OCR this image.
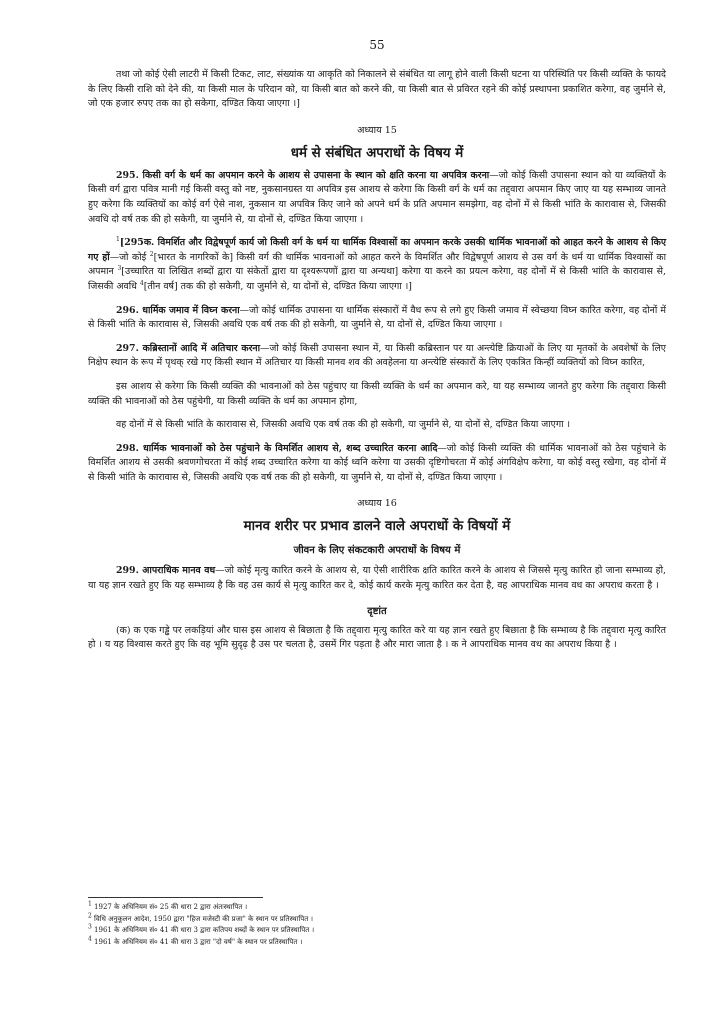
55

तथा जो कोई ऐसी लाटरी में किसी टिकट, लाट, संख्यांक या आकृति को निकालने से संबंधित या लागू होने वाली किसी घटना या परिस्थिति पर किसी व्यक्ति के फायदे के लिए किसी राशि को देने की, या किसी माल के परिदान को, या किसी बात को करने की, या किसी बात से प्रविरत रहने की कोई प्रस्थापना प्रकाशित करेगा, वह जुर्माने से, जो एक हजार रुपए तक का हो सकेगा, दण्डित किया जाएगा ।]

अध्याय 15
धर्म से संबंधित अपराधों के विषय में

295. किसी वर्ग के धर्म का अपमान करने के आशय से उपासना के स्थान को क्षति करना या अपवित्र करना—जो कोई किसी उपासना स्थान को या व्यक्तियों के किसी वर्ग द्वारा पवित्र मानी गई किसी वस्तु को नष्ट, नुकसानग्रस्त या अपवित्र इस आशय से करेगा कि किसी वर्ग के धर्म का तद्द्वारा अपमान किए जाए या यह सम्भाव्य जानते हुए करेगा कि व्यक्तियों का कोई वर्ग ऐसे नाश, नुकसान या अपवित्र किए जाने को अपने धर्म के प्रति अपमान समझेगा, वह दोनों में से किसी भांति के कारावास से, जिसकी अवधि दो वर्ष तक की हो सकेगी, या जुर्माने से, या दोनों से, दण्डित किया जाएगा ।

$^1$[295क. विमर्शित और विद्वेषपूर्ण कार्य जो किसी वर्ग के धर्म या धार्मिक विश्वासों का अपमान करके उसकी धार्मिक भावनाओं को आहत करने के आशय से किए गए हों—जो कोई $^2$[भारत के नागरिकों के] किसी वर्ग की धार्मिक भावनाओं को आहत करने के विमर्शित और विद्वेषपूर्ण आशय से उस वर्ग के धर्म या धार्मिक विश्वासों का अपमान $^3$[उच्चारित या लिखित शब्दों द्वारा या संकेतों द्वारा या दृश्यरूपणों द्वारा या अन्यथा] करेगा या करने का प्रयत्न करेगा, वह दोनों में से किसी भांति के कारावास से, जिसकी अवधि $^4$[तीन वर्ष] तक की हो सकेगी, या जुर्माने से, या दोनों से, दण्डित किया जाएगा ।]

296. धार्मिक जमाव में विघ्न करना—जो कोई धार्मिक उपासना या धार्मिक संस्कारों में वैध रूप से लगे हुए किसी जमाव में स्वेच्छया विघ्न कारित करेगा, वह दोनों में से किसी भांति के कारावास से, जिसकी अवधि एक वर्ष तक की हो सकेगी, या जुर्माने से, या दोनों से, दण्डित किया जाएगा ।

297. कब्रिस्तानों आदि में अतिचार करना—जो कोई किसी उपासना स्थान में, या किसी कब्रिस्तान पर या अन्त्येष्टि क्रियाओं के लिए या मृतकों के अवशेषों के लिए निक्षेप स्थान के रूप में पृथक् रखे गए किसी स्थान में अतिचार या किसी मानव शव की अवहेलना या अन्त्येष्टि संस्कारों के लिए एकत्रित किन्हीं व्यक्तियों को विघ्न कारित,

इस आशय से करेगा कि किसी व्यक्ति की भावनाओं को ठेस पहुंचाए या किसी व्यक्ति के धर्म का अपमान करे, या यह सम्भाव्य जानते हुए करेगा कि तद्द्वारा किसी व्यक्ति की भावनाओं को ठेस पहुंचेगी, या किसी व्यक्ति के धर्म का अपमान होगा,

वह दोनों में से किसी भांति के कारावास से, जिसकी अवधि एक वर्ष तक की हो सकेगी, या जुर्माने से, या दोनों से, दण्डित किया जाएगा ।

298. धार्मिक भावनाओं को ठेस पहुंचाने के विमर्शित आशय से, शब्द उच्चारित करना आदि—जो कोई किसी व्यक्ति की धार्मिक भावनाओं को ठेस पहुंचाने के विमर्शित आशय से उसकी श्रवणगोचरता में कोई शब्द उच्चारित करेगा या कोई ध्वनि करेगा या उसकी दृष्टिगोचरता में कोई अंगविक्षेप करेगा, या कोई वस्तु रखेगा, वह दोनों में से किसी भांति के कारावास से, जिसकी अवधि एक वर्ष तक की हो सकेगी, या जुर्माने से, या दोनों से, दण्डित किया जाएगा ।

अध्याय 16
मानव शरीर पर प्रभाव डालने वाले अपराधों के विषयों में
जीवन के लिए संकटकारी अपराधों के विषय में

299. आपराधिक मानव वध—जो कोई मृत्यु कारित करने के आशय से, या ऐसी शारीरिक क्षति कारित करने के आशय से जिससे मृत्यु कारित हो जाना सम्भाव्य हो, या यह ज्ञान रखते हुए कि यह सम्भाव्य है कि वह उस कार्य से मृत्यु कारित कर दे, कोई कार्य करके मृत्यु कारित कर देता है, वह आपराधिक मानव वध का अपराध करता है ।

दृष्टांत

(क) क एक गड्ढे पर लकड़ियां और घास इस आशय से बिछाता है कि तद्द्वारा मृत्यु कारित करे या यह ज्ञान रखते हुए बिछाता है कि सम्भाव्य है कि तद्द्वारा मृत्यु कारित हो । य यह विश्वास करते हुए कि वह भूमि सुदृढ़ है उस पर चलता है, उसमें गिर पड़ता है और मारा जाता है । क ने आपराधिक मानव वध का अपराध किया है ।

$^1$ 1927 के अधिनियम सं० 25 की धारा 2 द्वारा अंतःस्थापित ।
$^2$ विधि अनुकूलन आदेश, 1950 द्वारा "हिज मजेस्टी की प्रजा" के स्थान पर प्रतिस्थापित ।
$^3$ 1961 के अधिनियम सं० 41 की धारा 3 द्वारा कतिपय शब्दों के स्थान पर प्रतिस्थापित ।
$^4$ 1961 के अधिनियम सं० 41 की धारा 3 द्वारा "दो वर्ष" के स्थान पर प्रतिस्थापित ।
